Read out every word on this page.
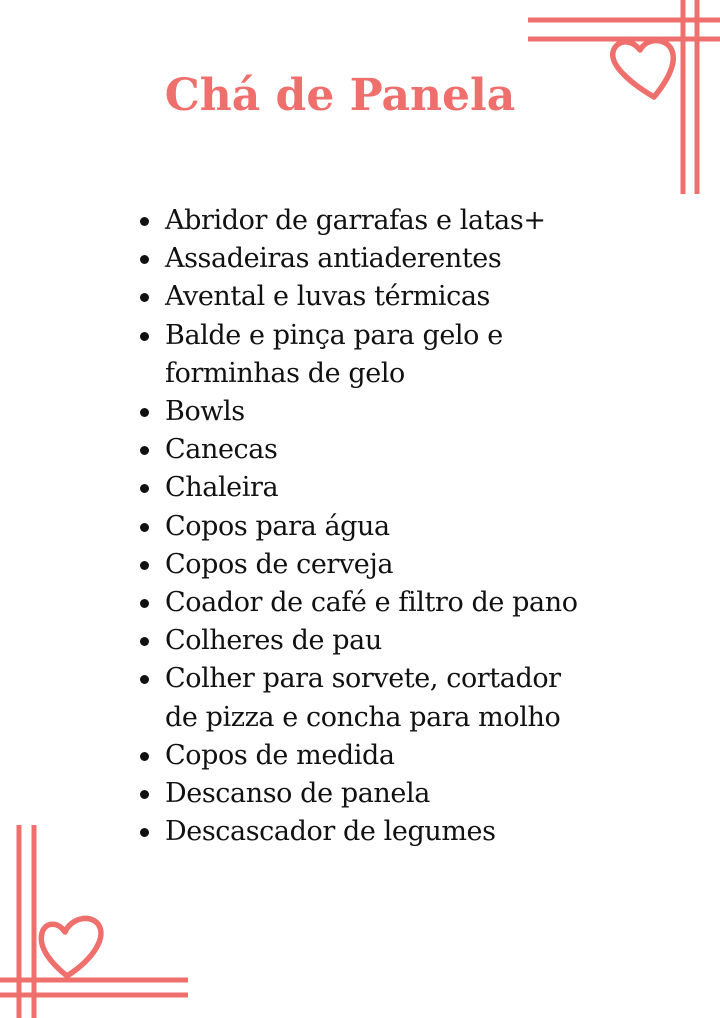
Chá de Panela
Abridor de garrafas e latas+
Assadeiras antiaderentes
Avental e luvas térmicas
Balde e pinça para gelo e forminhas de gelo
Bowls
Canecas
Chaleira
Copos para água
Copos de cerveja
Coador de café e filtro de pano
Colheres de pau
Colher para sorvete, cortador de pizza e concha para molho
Copos de medida
Descanso de panela
Descascador de legumes
